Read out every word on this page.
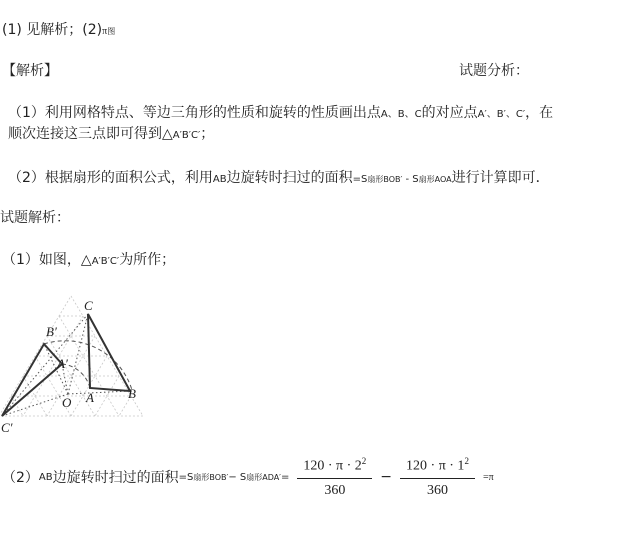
(1) 见解析；(2)π图
【解析】	试题分析：
（1）利用网格特点、等边三角形的性质和旋转的性质画出点A、B、C的对应点A′、B′、C′，在
顺次连接这三点即可得到△A′B′C′；
（2）根据扇形的面积公式，利用AB边旋转时扫过的面积=S扇形BOB′ - S扇形AOA进行计算即可．
试题解析：
（1）如图，△A′B′C′为所作；
C
B′
A′
O A	B
C′
（2） AB 边旋转时扫过的面积 =S 扇形BOB′ − S 扇形$ADA' = \frac{120 \cdot \pi \cdot 2^2}{360} - \frac{120 \cdot \pi \cdot 1^2}{360} =\pi$
